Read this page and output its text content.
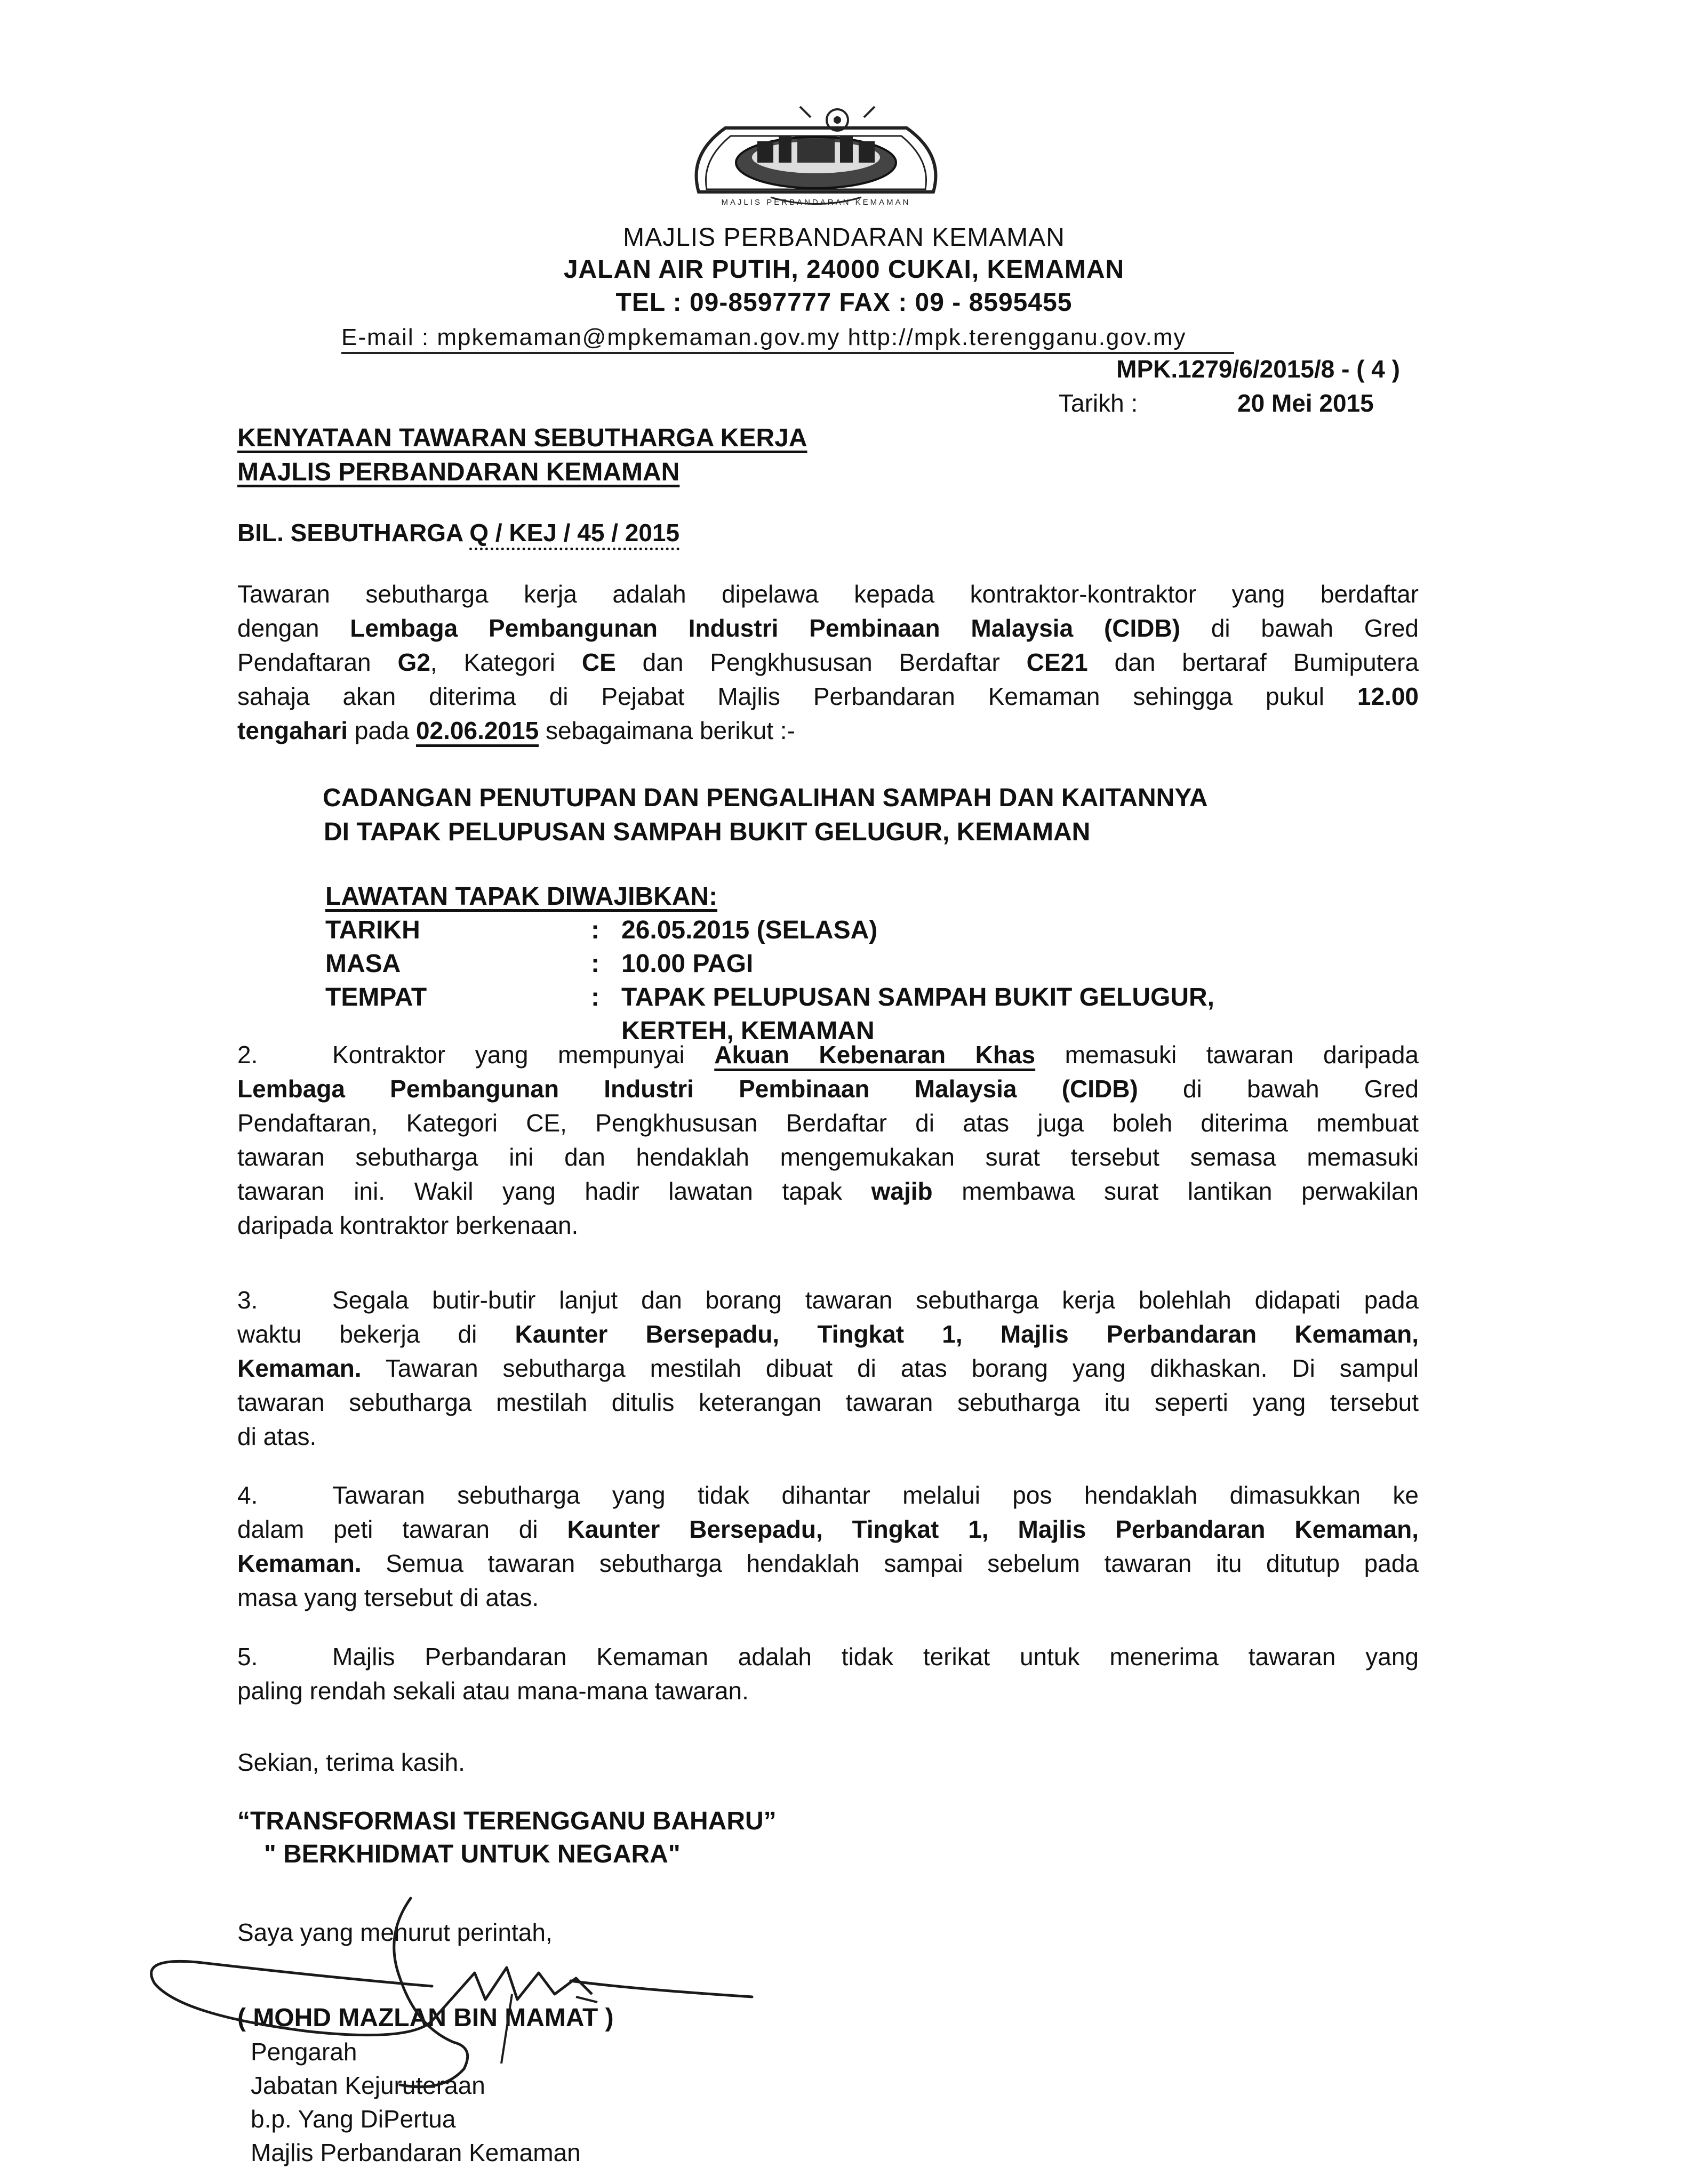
MAJLIS PERBANDARAN KEMAMAN
MAJLIS PERBANDARAN KEMAMAN
JALAN AIR PUTIH, 24000 CUKAI, KEMAMAN
TEL : 09-8597777 FAX : 09 - 8595455
E-mail : mpkemaman@mpkemaman.gov.my http://mpk.terengganu.gov.my
MPK.1279/6/2015/8 - ( 4 )
Tarikh :	20 Mei 2015
KENYATAAN TAWARAN SEBUTHARGA KERJA
MAJLIS PERBANDARAN KEMAMAN
BIL. SEBUTHARGA Q / KEJ / 45 / 2015
Tawaran sebutharga kerja adalah dipelawa kepada kontraktor-kontraktor yang berdaftar
dengan Lembaga Pembangunan Industri Pembinaan Malaysia (CIDB) di bawah Gred
Pendaftaran G2, Kategori CE dan Pengkhususan Berdaftar CE21 dan bertaraf Bumiputera
sahaja akan diterima di Pejabat Majlis Perbandaran Kemaman sehingga pukul 12.00
tengahari pada 02.06.2015 sebagaimana berikut :-
CADANGAN PENUTUPAN DAN PENGALIHAN SAMPAH DAN KAITANNYA
DI TAPAK PELUPUSAN SAMPAH BUKIT GELUGUR, KEMAMAN
LAWATAN TAPAK DIWAJIBKAN:
TARIKH	: 26.05.2015 (SELASA)
MASA	: 10.00 PAGI
TEMPAT	: TAPAK PELUPUSAN SAMPAH BUKIT GELUGUR,
KERTEH, KEMAMAN
2.	Kontraktor yang mempunyai Akuan Kebenaran Khas memasuki tawaran daripada
Lembaga Pembangunan Industri Pembinaan Malaysia (CIDB) di bawah Gred
Pendaftaran, Kategori CE, Pengkhususan Berdaftar di atas juga boleh diterima membuat
tawaran sebutharga ini dan hendaklah mengemukakan surat tersebut semasa memasuki
tawaran ini. Wakil yang hadir lawatan tapak wajib membawa surat lantikan perwakilan
daripada kontraktor berkenaan.
3.	Segala butir-butir lanjut dan borang tawaran sebutharga kerja bolehlah didapati pada
waktu bekerja di Kaunter Bersepadu, Tingkat 1, Majlis Perbandaran Kemaman,
Kemaman. Tawaran sebutharga mestilah dibuat di atas borang yang dikhaskan. Di sampul
tawaran sebutharga mestilah ditulis keterangan tawaran sebutharga itu seperti yang tersebut
di atas.
4.	Tawaran sebutharga yang tidak dihantar melalui pos hendaklah dimasukkan ke
dalam peti tawaran di Kaunter Bersepadu, Tingkat 1, Majlis Perbandaran Kemaman,
Kemaman. Semua tawaran sebutharga hendaklah sampai sebelum tawaran itu ditutup pada
masa yang tersebut di atas.
5.	Majlis Perbandaran Kemaman adalah tidak terikat untuk menerima tawaran yang
paling rendah sekali atau mana-mana tawaran.
Sekian, terima kasih.
“TRANSFORMASI TERENGGANU BAHARU”
" BERKHIDMAT UNTUK NEGARA"
Saya yang menurut perintah,
( MOHD MAZLAN BIN MAMAT )
Pengarah
Jabatan Kejuruteraan
b.p. Yang DiPertua
Majlis Perbandaran Kemaman
